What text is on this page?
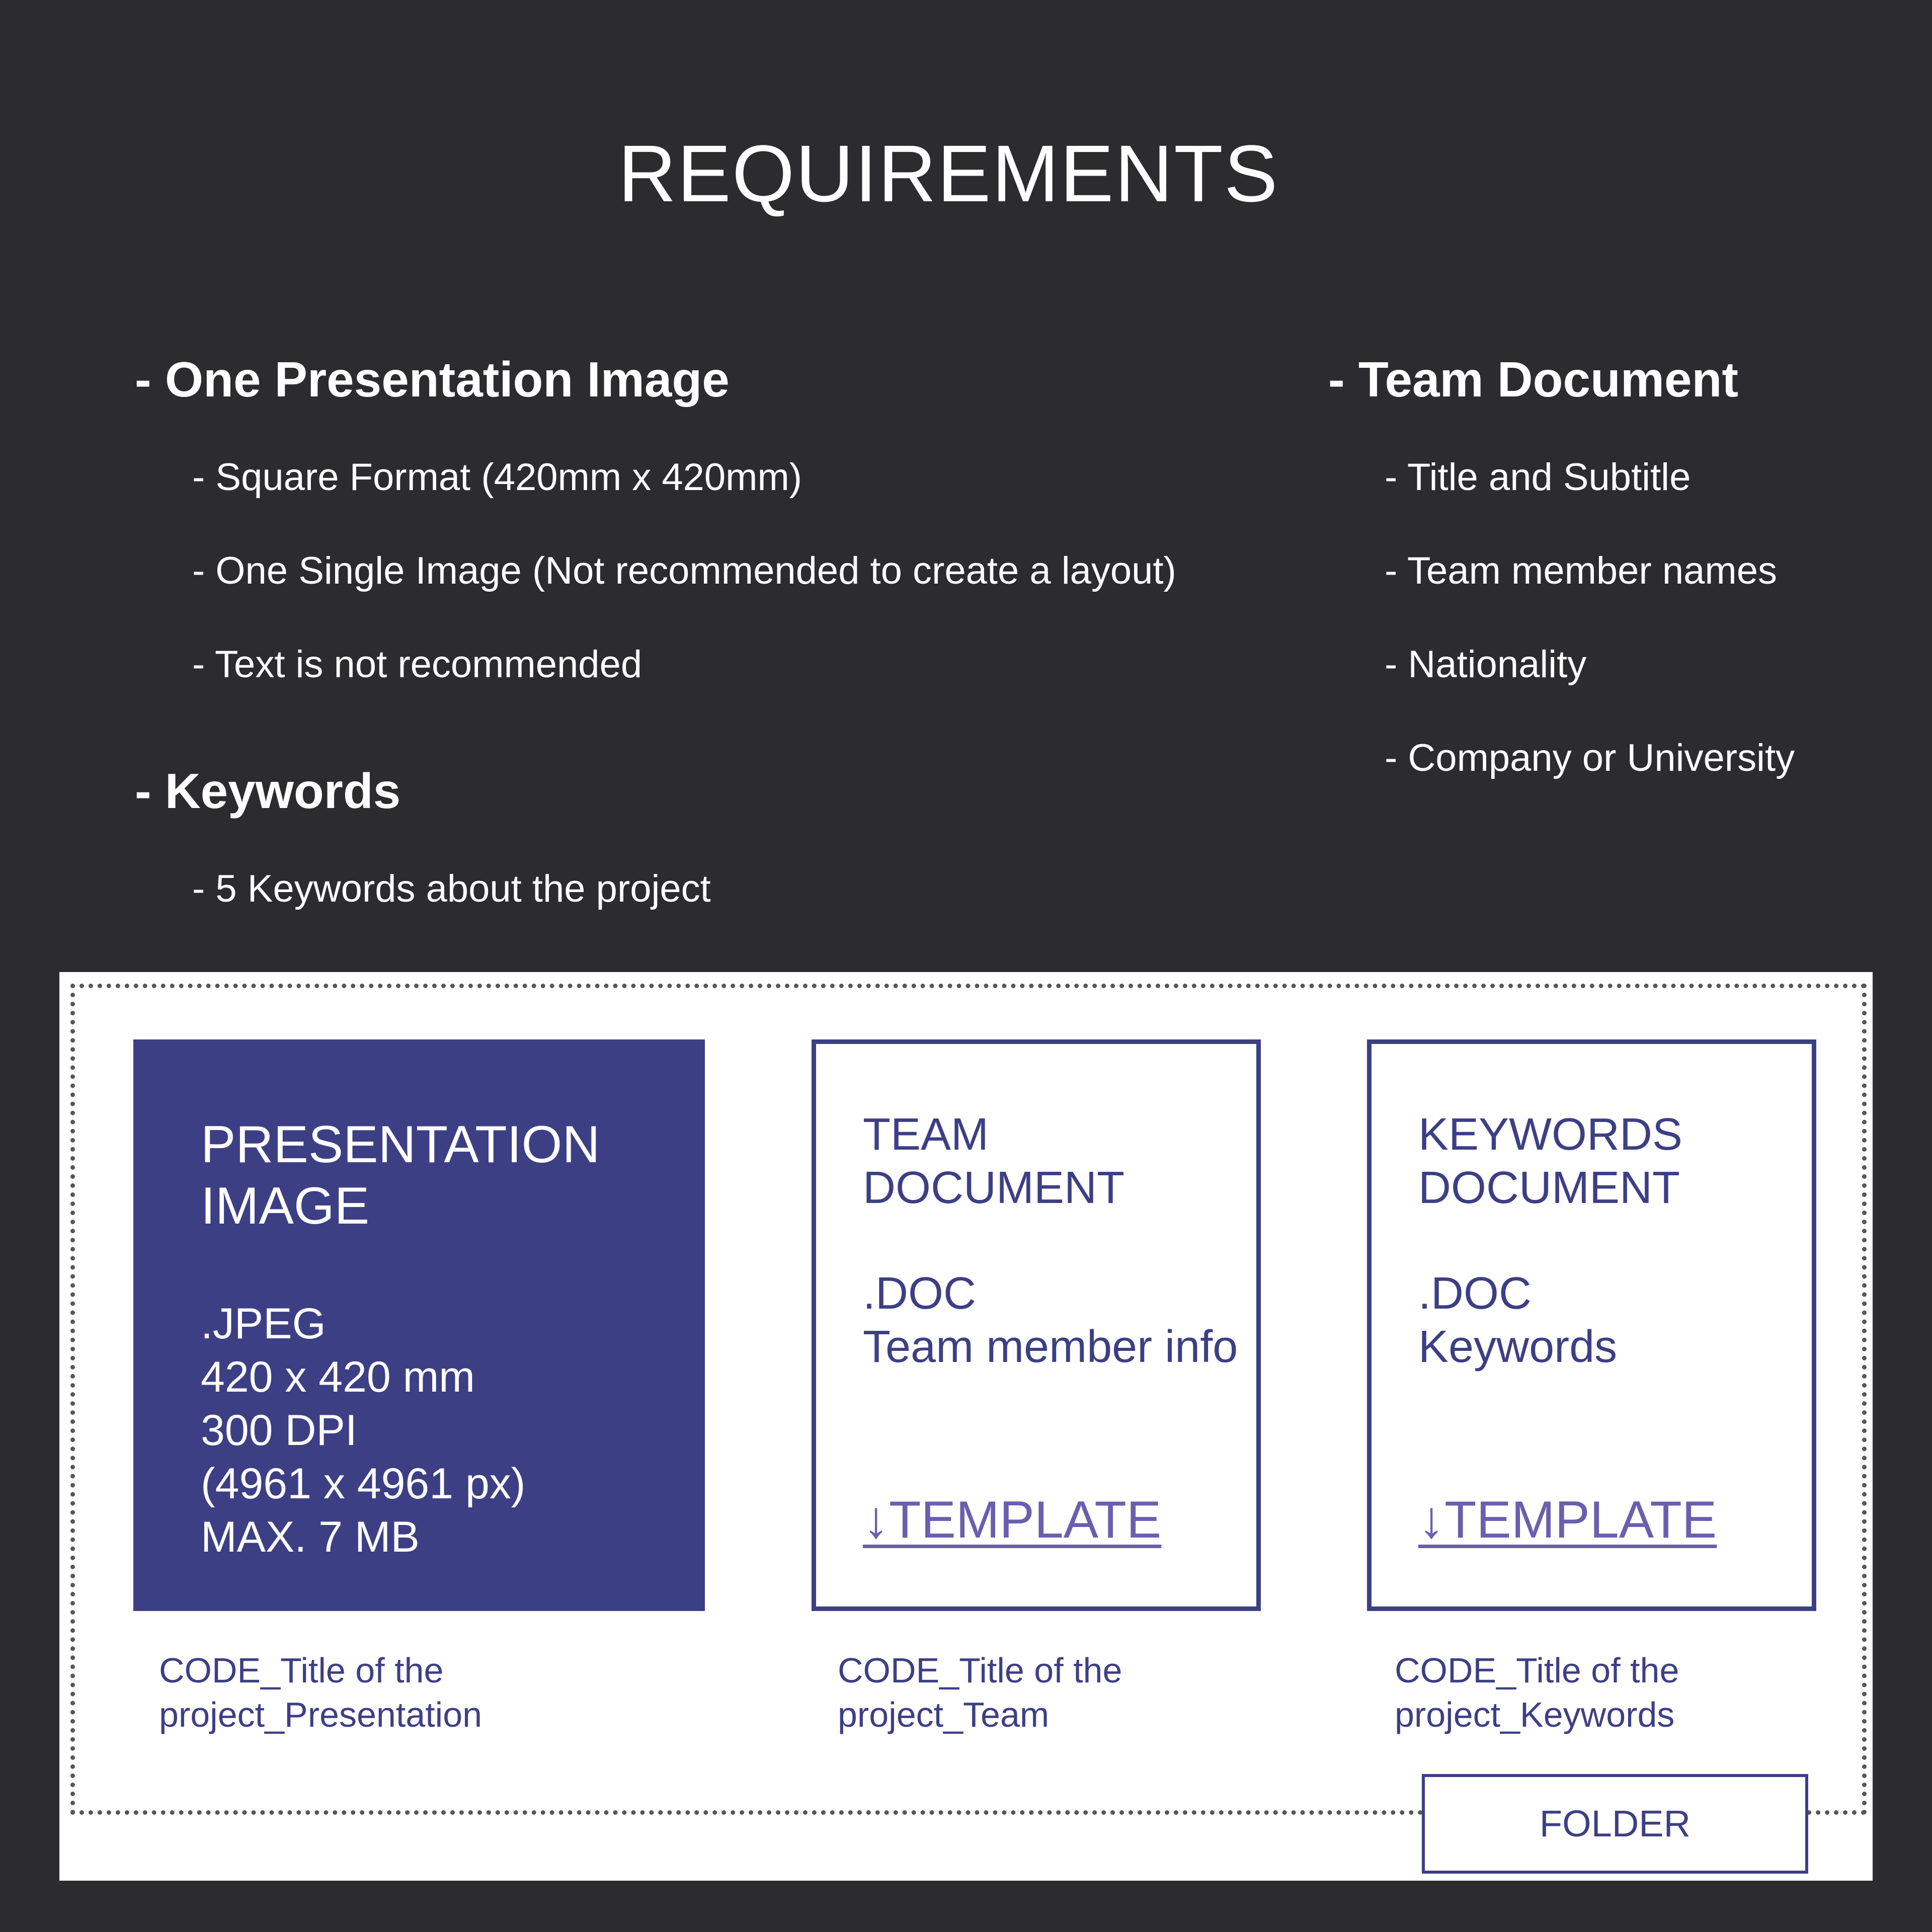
REQUIREMENTS
- One Presentation Image
- Square Format (420mm x 420mm)
- One Single Image (Not recommended to create a layout)
- Text is not recommended
- Keywords
- 5 Keywords about the project
- Team Document
- Title and Subtitle
- Team member names
- Nationality
- Company or University
PRESENTATION
IMAGE
.JPEG
420 x 420 mm
300 DPI
(4961 x 4961 px)
MAX. 7 MB
TEAM
DOCUMENT
.DOC
Team member info
↓TEMPLATE
KEYWORDS
DOCUMENT
.DOC
Keywords
↓TEMPLATE
CODE_Title of the
project_Presentation
CODE_Title of the
project_Team
CODE_Title of the
project_Keywords
FOLDER
